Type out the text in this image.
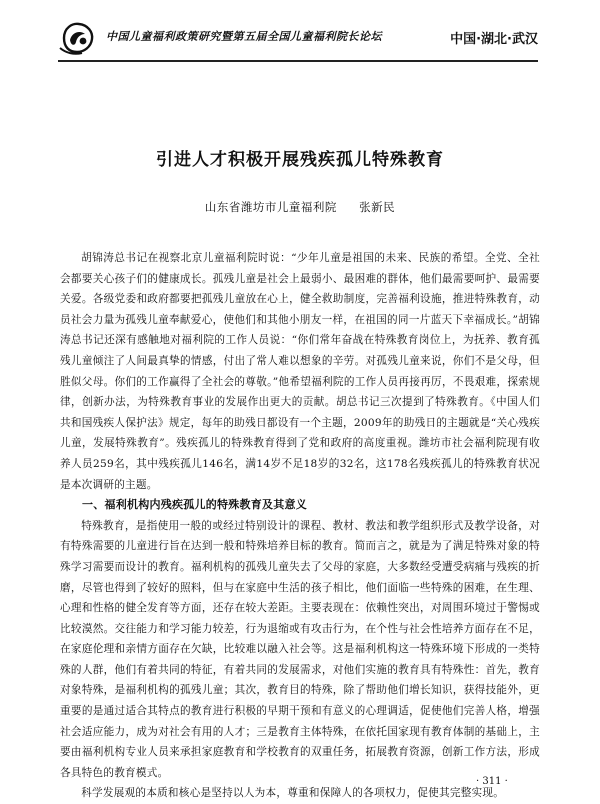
中国儿童福利政策研究暨第五届全国儿童福利院长论坛	中国·湖北·武汉
引进人才积极开展残疾孤儿特殊教育
山东省潍坊市儿童福利院 张新民

胡锦涛总书记在视察北京儿童福利院时说：“少年儿童是祖国的未来、民族的希望。全党、全社会都要关心孩子们的健康成长。孤残儿童是社会上最弱小、最困难的群体，他们最需要呵护、最需要关爱。各级党委和政府都要把孤残儿童放在心上，健全救助制度，完善福利设施，推进特殊教育，动员社会力量为孤残儿童奉献爱心，使他们和其他小朋友一样，在祖国的同一片蓝天下幸福成长。”胡锦涛总书记还深有感触地对福利院的工作人员说：“你们常年奋战在特殊教育岗位上，为抚养、教育孤残儿童倾注了人间最真挚的情感，付出了常人难以想象的辛劳。对孤残儿童来说，你们不是父母，但胜似父母。你们的工作赢得了全社会的尊敬。”他希望福利院的工作人员再接再厉，不畏艰难，探索规律，创新办法，为特殊教育事业的发展作出更大的贡献。胡总书记三次提到了特殊教育。《中国人们共和国残疾人保护法》规定，每年的助残日都设有一个主题，2009年的助残日的主题就是“关心残疾儿童，发展特殊教育”。残疾孤儿的特殊教育得到了党和政府的高度重视。潍坊市社会福利院现有收养人员259名，其中残疾孤儿146名，满14岁不足18岁的32名，这178名残疾孤儿的特殊教育状况是本次调研的主题。

一、福利机构内残疾孤儿的特殊教育及其意义

特殊教育，是指使用一般的或经过特别设计的课程、教材、教法和教学组织形式及教学设备，对有特殊需要的儿童进行旨在达到一般和特殊培养目标的教育。简而言之，就是为了满足特殊对象的特殊学习需要而设计的教育。福利机构的孤残儿童失去了父母的家庭，大多数经受遭受病痛与残疾的折磨，尽管也得到了较好的照料，但与在家庭中生活的孩子相比，他们面临一些特殊的困难，在生理、心理和性格的健全发育等方面，还存在较大差距。主要表现在：依赖性突出，对周围环境过于警惕或比较漠然。交往能力和学习能力较差，行为退缩或有攻击行为，在个性与社会性培养方面存在不足，在家庭伦理和亲情方面存在欠缺，比较难以融入社会等。这是福利机构这一特殊环境下形成的一类特殊的人群，他们有着共同的特征，有着共同的发展需求，对他们实施的教育具有特殊性：首先，教育对象特殊，是福利机构的孤残儿童；其次，教育目的特殊，除了帮助他们增长知识，获得技能外，更重要的是通过适合其特点的教育进行积极的早期干预和有意义的心理调适，促使他们完善人格，增强社会适应能力，成为对社会有用的人才；三是教育主体特殊，在依托国家现有教育体制的基础上，主要由福利机构专业人员来承担家庭教育和学校教育的双重任务，拓展教育资源，创新工作方法，形成各具特色的教育模式。

科学发展观的本质和核心是坚持以人为本，尊重和保障人的各项权力，促使其完整实现。

· 311 ·
